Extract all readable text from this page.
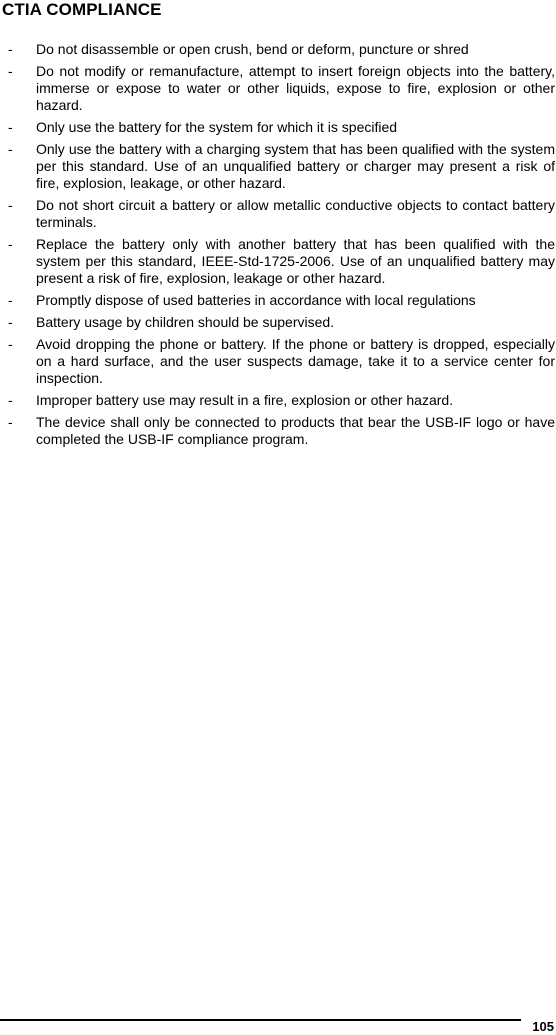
CTIA COMPLIANCE
- Do not disassemble or open crush, bend or deform, puncture or shred
- Do not modify or remanufacture, attempt to insert foreign objects into the battery, immerse or expose to water or other liquids, expose to fire, explosion or other hazard.
- Only use the battery for the system for which it is specified
- Only use the battery with a charging system that has been qualified with the system per this standard. Use of an unqualified battery or charger may present a risk of fire, explosion, leakage, or other hazard.
- Do not short circuit a battery or allow metallic conductive objects to contact battery terminals.
- Replace the battery only with another battery that has been qualified with the system per this standard, IEEE-Std-1725-2006. Use of an unqualified battery may present a risk of fire, explosion, leakage or other hazard.
- Promptly dispose of used batteries in accordance with local regulations
- Battery usage by children should be supervised.
- Avoid dropping the phone or battery. If the phone or battery is dropped, especially on a hard surface, and the user suspects damage, take it to a service center for inspection.
- Improper battery use may result in a fire, explosion or other hazard.
- The device shall only be connected to products that bear the USB-IF logo or have completed the USB-IF compliance program.
105
